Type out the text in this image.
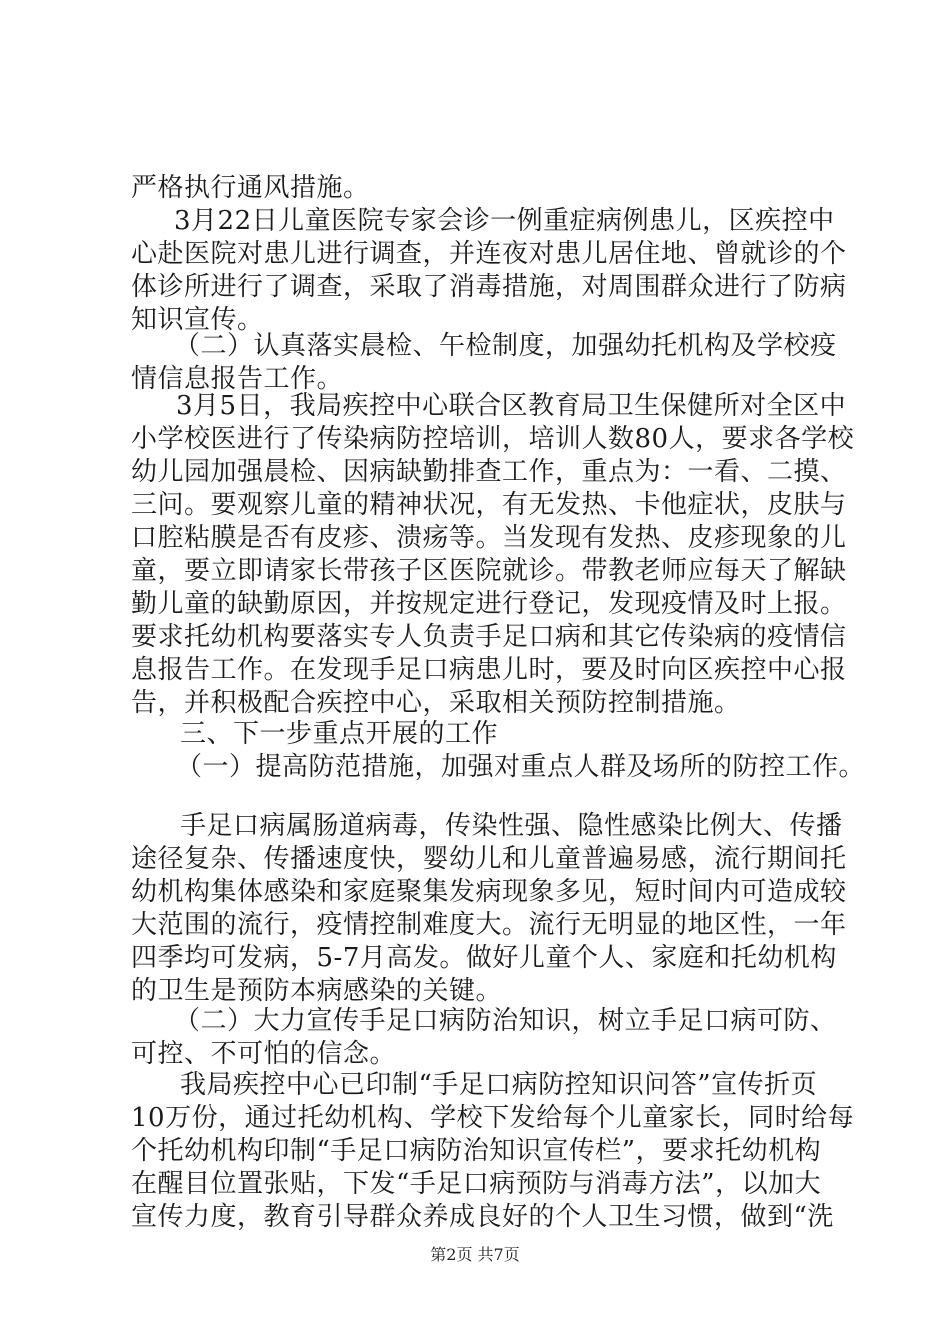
严格执行通风措施。

3月22日儿童医院专家会诊一例重症病例患儿，区疾控中

心赴医院对患儿进行调查，并连夜对患儿居住地、曾就诊的个

体诊所进行了调查，采取了消毒措施，对周围群众进行了防病

知识宣传。

（二）认真落实晨检、午检制度，加强幼托机构及学校疫

情信息报告工作。

3月5日，我局疾控中心联合区教育局卫生保健所对全区中

小学校医进行了传染病防控培训，培训人数80人，要求各学校

幼儿园加强晨检、因病缺勤排查工作，重点为：一看、二摸、

三问。要观察儿童的精神状况，有无发热、卡他症状，皮肤与

口腔粘膜是否有皮疹、溃疡等。当发现有发热、皮疹现象的儿

童，要立即请家长带孩子区医院就诊。带教老师应每天了解缺

勤儿童的缺勤原因，并按规定进行登记，发现疫情及时上报。

要求托幼机构要落实专人负责手足口病和其它传染病的疫情信

息报告工作。在发现手足口病患儿时，要及时向区疾控中心报

告，并积极配合疾控中心，采取相关预防控制措施。

三、下一步重点开展的工作

（一）提高防范措施，加强对重点人群及场所的防控工作。

手足口病属肠道病毒，传染性强、隐性感染比例大、传播

途径复杂、传播速度快，婴幼儿和儿童普遍易感，流行期间托

幼机构集体感染和家庭聚集发病现象多见，短时间内可造成较

大范围的流行，疫情控制难度大。流行无明显的地区性，一年

四季均可发病，5-7月高发。做好儿童个人、家庭和托幼机构

的卫生是预防本病感染的关键。

（二）大力宣传手足口病防治知识，树立手足口病可防、

可控、不可怕的信念。

我局疾控中心已印制“手足口病防控知识问答”宣传折页

10万份，通过托幼机构、学校下发给每个儿童家长，同时给每

个托幼机构印制“手足口病防治知识宣传栏”，要求托幼机构

在醒目位置张贴，下发“手足口病预防与消毒方法”，以加大

宣传力度，教育引导群众养成良好的个人卫生习惯，做到“洗

第2页 共7页
